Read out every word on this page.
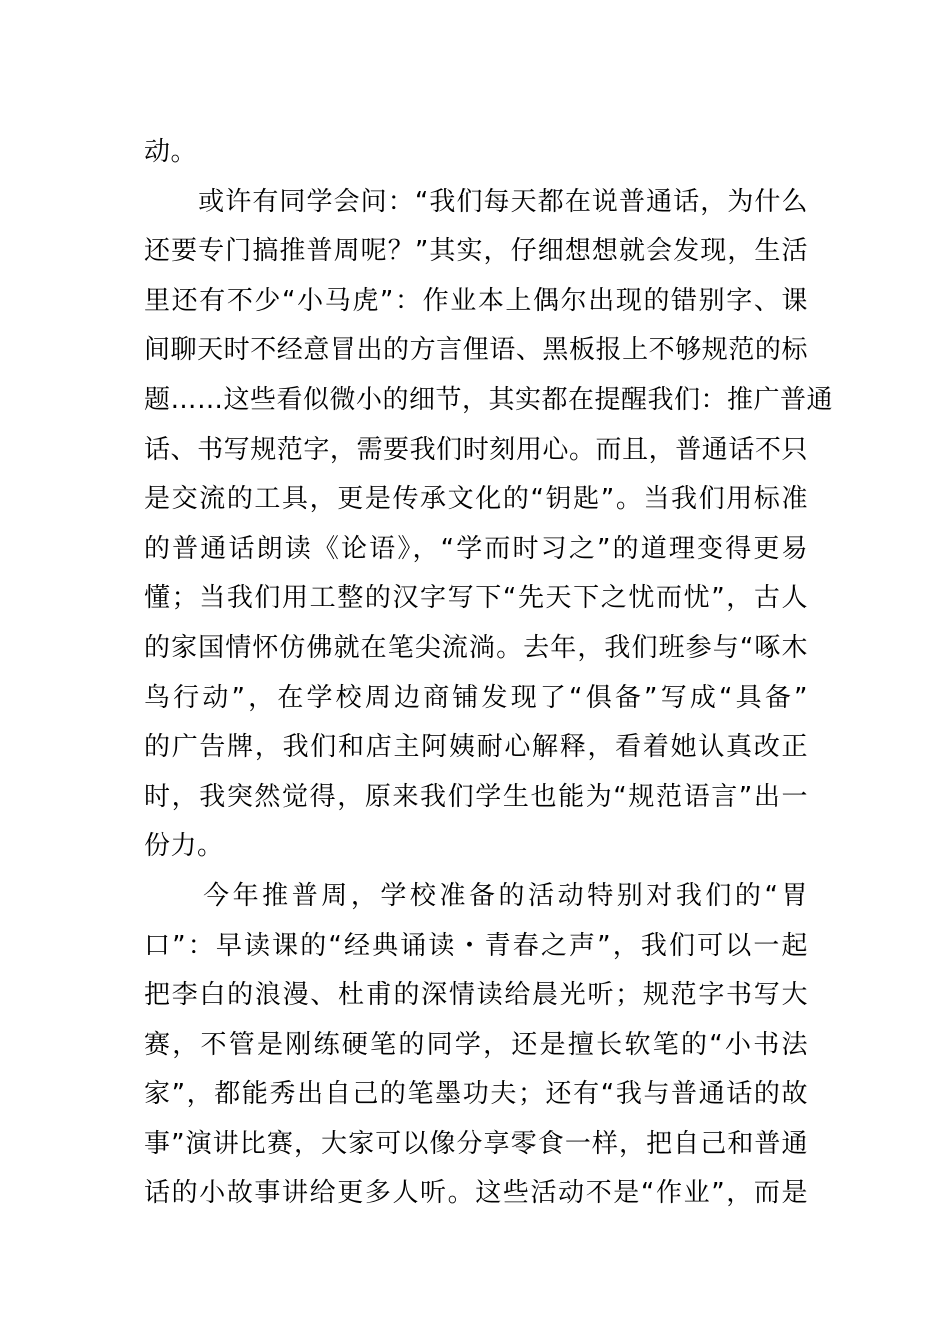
动。
　　或许有同学会问：“我们每天都在说普通话，为什么
还要专门搞推普周呢？”其实，仔细想想就会发现，生活
里还有不少“小马虎”：作业本上偶尔出现的错别字、课
间聊天时不经意冒出的方言俚语、黑板报上不够规范的标
题……这些看似微小的细节，其实都在提醒我们：推广普通
话、书写规范字，需要我们时刻用心。而且，普通话不只
是交流的工具，更是传承文化的“钥匙”。当我们用标准
的普通话朗读《论语》，“学而时习之”的道理变得更易
懂；当我们用工整的汉字写下“先天下之忧而忧”，古人
的家国情怀仿佛就在笔尖流淌。去年，我们班参与“啄木
鸟行动”，在学校周边商铺发现了“俱备”写成“具备”
的广告牌，我们和店主阿姨耐心解释，看着她认真改正
时，我突然觉得，原来我们学生也能为“规范语言”出一
份力。
　　今年推普周，学校准备的活动特别对我们的“胃
口”：早读课的“经典诵读・青春之声”，我们可以一起
把李白的浪漫、杜甫的深情读给晨光听；规范字书写大
赛，不管是刚练硬笔的同学，还是擅长软笔的“小书法
家”，都能秀出自己的笔墨功夫；还有“我与普通话的故
事”演讲比赛，大家可以像分享零食一样，把自己和普通
话的小故事讲给更多人听。这些活动不是“作业”，而是
